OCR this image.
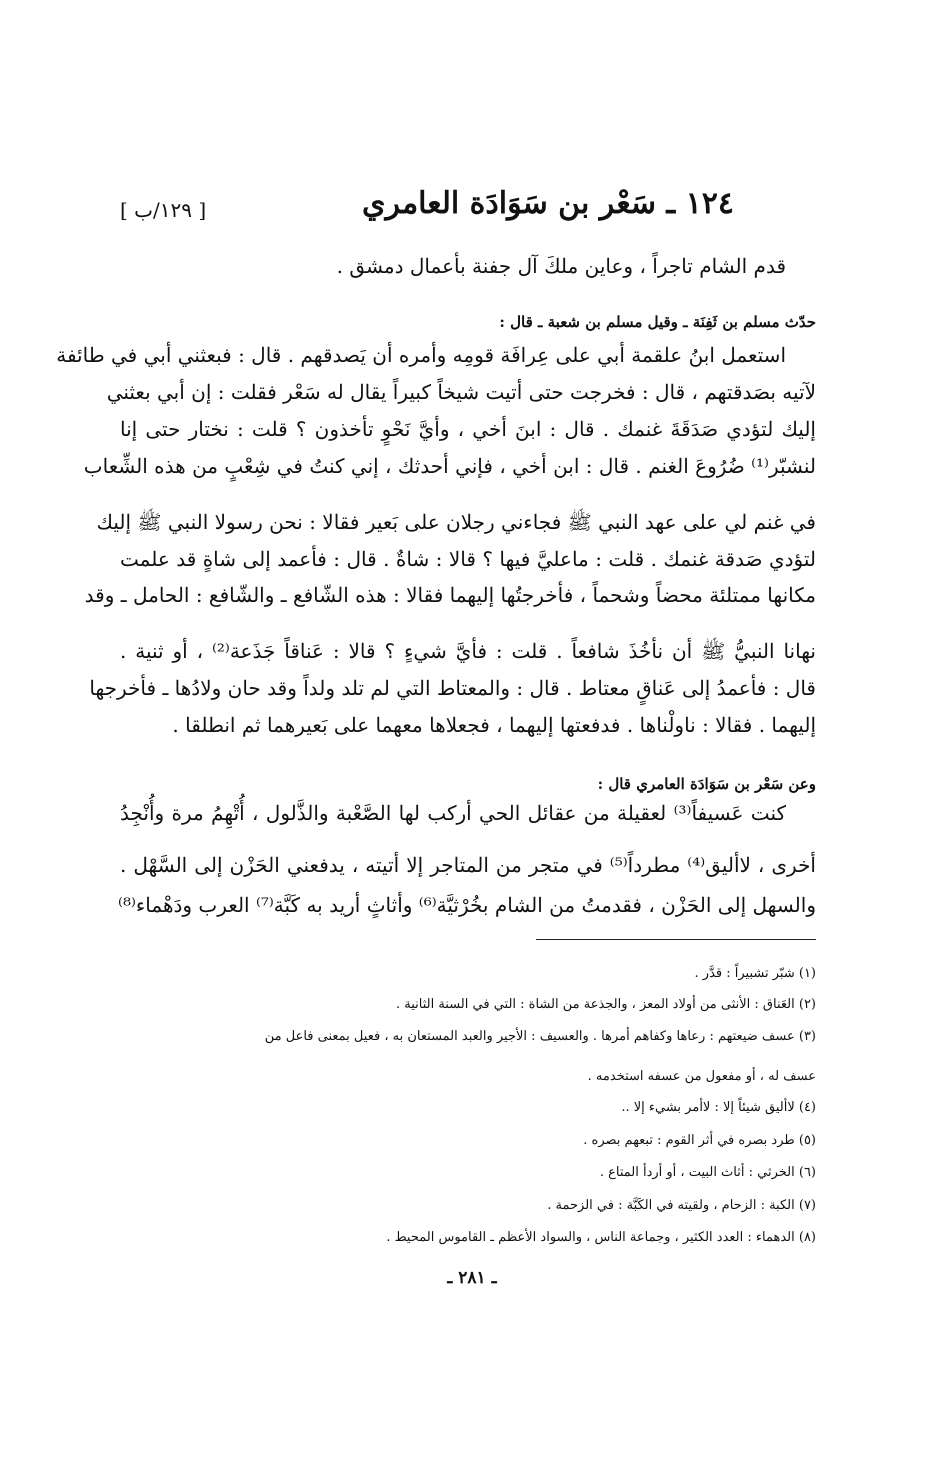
[ ١٢٩/ب ]	١٢٤ ـ سَعْر بن سَوَادَة العامري
قدم الشام تاجراً ، وعاين ملكَ آل جفنة بأعمال دمشق .
حدّث مسلم بن ثَفِنَة ـ وقيل مسلم بن شعبة ـ قال :
استعمل ابنُ علقمة أبي على عِرافَة قومِه وأمره أن يَصدقهم . قال : فبعثني أبي في طائفة
لآتيه بصَدقتهم ، قال : فخرجت حتى أتيت شيخاً كبيراً يقال له سَعْر فقلت : إن أبي بعثني
إليك لتؤدي صَدَقَةَ غنمك . قال : ابنَ أخي ، وأيَّ نَحْوٍ تأخذون ؟ قلت : نختار حتى إنا
لنشبّر⁽¹⁾ ضُرُوعَ الغنم . قال : ابن أخي ، فإني أحدثك ، إني كنتُ في شِعْبٍ من هذه الشِّعاب
في غنم لي على عهد النبي ﷺ فجاءني رجلان على بَعير فقالا : نحن رسولا النبي ﷺ إليك
لتؤدي صَدقة غنمك . قلت : ماعليَّ فيها ؟ قالا : شاةٌ . قال : فأعمد إلى شاةٍ قد علمت
مكانها ممتلئة محضاً وشحماً ، فأخرجتُها إليهما فقالا : هذه الشّافع ـ والشّافع : الحامل ـ وقد
نهانا النبيُّ ﷺ أن نأخُذَ شافعاً . قلت : فأيَّ شيءٍ ؟ قالا : عَناقاً جَذَعة⁽²⁾ ، أو ثنية .
قال : فأعمدُ إلى عَناقٍ معتاط . قال : والمعتاط التي لم تلد ولداً وقد حان ولادُها ـ فأخرجها
إليهما . فقالا : ناولْناها . فدفعتها إليهما ، فجعلاها معهما على بَعيرهما ثم انطلقا .
وعن سَعْر بن سَوَادَة العامري قال :
كنت عَسيفاً⁽³⁾ لعقيلة من عقائل الحي أركب لها الصَّعْبة والذَّلول ، أُتْهِمُ مرة وأُنْجِدُ
أخرى ، لاأليق⁽⁴⁾ مطرداً⁽⁵⁾ في متجر من المتاجر إلا أتيته ، يدفعني الحَزْن إلى السَّهْل .
والسهل إلى الحَزْن ، فقدمتُ من الشام بخُرْثيَّة⁽⁶⁾ وأثاثٍ أريد به كَبَّة⁽⁷⁾ العرب ودَهْماء⁽⁸⁾
(١) شبّر تشبيراً : قدَّر .
(٢) العَناق : الأنثى من أولاد المعز ، والجذعة من الشاة : التي في السنة الثانية .
(٣) عسف ضيعتهم : رعاها وكفاهم أمرها . والعسيف : الأجير والعبد المستعان به ، فعيل بمعنى فاعل من
عسف له ، أو مفعول من عسفه استخدمه .
(٤) لاأليق شيئاً إلا : لاأمر بشيء إلا ..
(٥) طرد بصره في أثر القوم : تبعهم بصره .
(٦) الخرثي : أثاث البيت ، أو أردأ المتاع .
(٧) الكبة : الزحام ، ولقيته في الكَبَّة : في الزحمة .
(٨) الدهماء : العدد الكثير ، وجماعة الناس ، والسواد الأعظم ـ القاموس المحيط .
ـ ٢٨١ ـ
